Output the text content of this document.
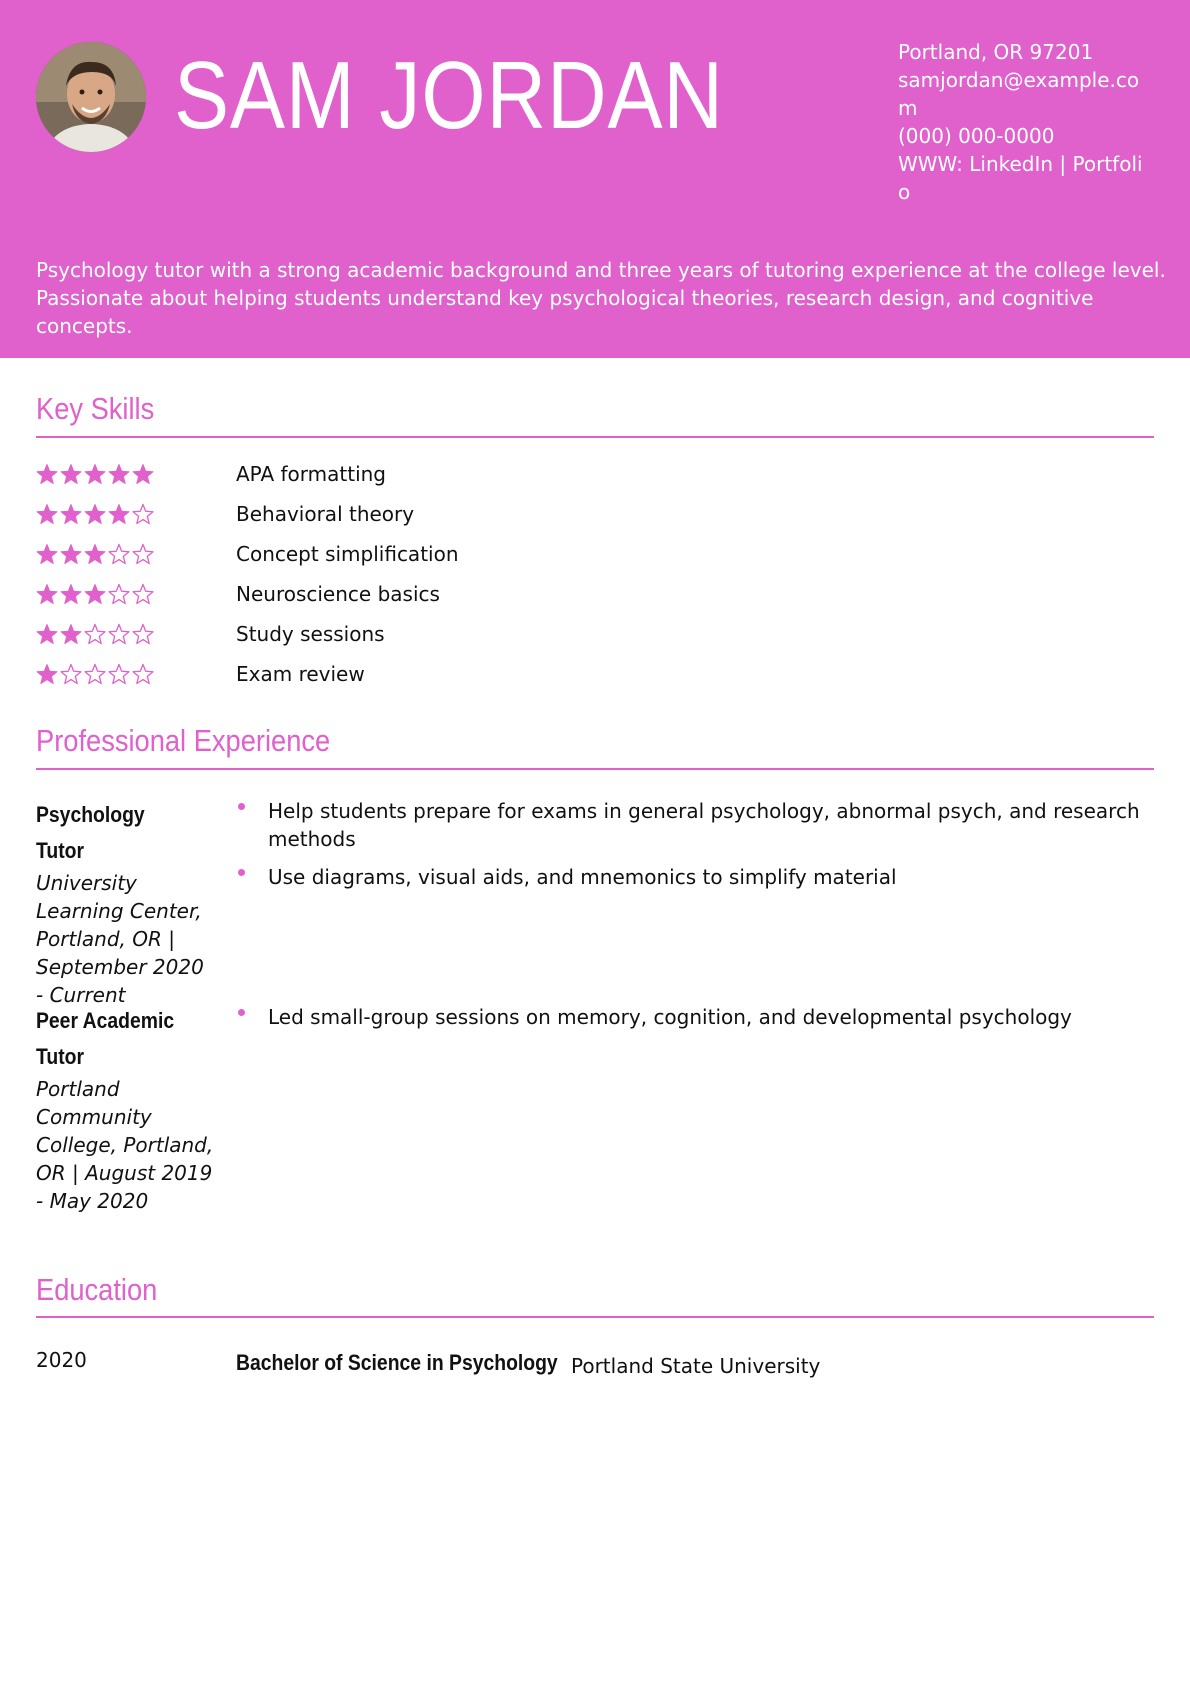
SAM JORDAN	Portland, OR 97201
samjordan@example.com
(000) 000-0000
WWW: LinkedIn | Portfolio

Psychology tutor with a strong academic background and three years of tutoring experience at the college level. Passionate about helping students understand key psychological theories, research design, and cognitive concepts.

Key Skills
APA formatting
Behavioral theory
Concept simplification
Neuroscience basics
Study sessions
Exam review
Professional Experience
Psychology Tutor
University Learning Center, Portland, OR | September 2020 - Current
Help students prepare for exams in general psychology, abnormal psych, and research methods
Use diagrams, visual aids, and mnemonics to simplify material
Peer Academic Tutor
Portland Community College, Portland, OR | August 2019 - May 2020
Led small-group sessions on memory, cognition, and developmental psychology
Education
2020	Bachelor of Science in Psychology Portland State University
